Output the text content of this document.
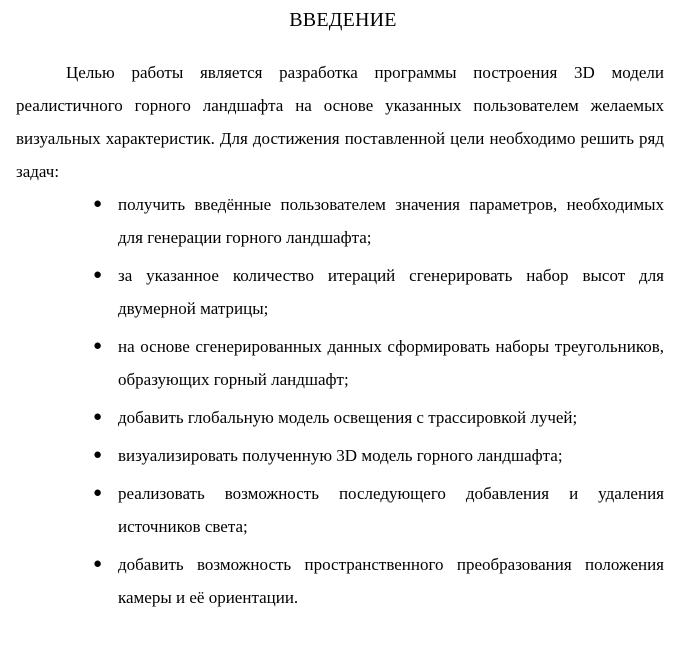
ВВЕДЕНИЕ

Целью работы является разработка программы построения 3D модели реалистичного горного ландшафта на основе указанных пользователем желаемых визуальных характеристик. Для достижения поставленной цели необходимо решить ряд задач:

● получить введённые пользователем значения параметров, необходимых для генерации горного ландшафта;
● за указанное количество итераций сгенерировать набор высот для двумерной матрицы;
● на основе сгенерированных данных сформировать наборы треугольников, образующих горный ландшафт;
● добавить глобальную модель освещения с трассировкой лучей;
● визуализировать полученную 3D модель горного ландшафта;
● реализовать возможность последующего добавления и удаления источников света;
● добавить возможность пространственного преобразования положения камеры и её ориентации.
